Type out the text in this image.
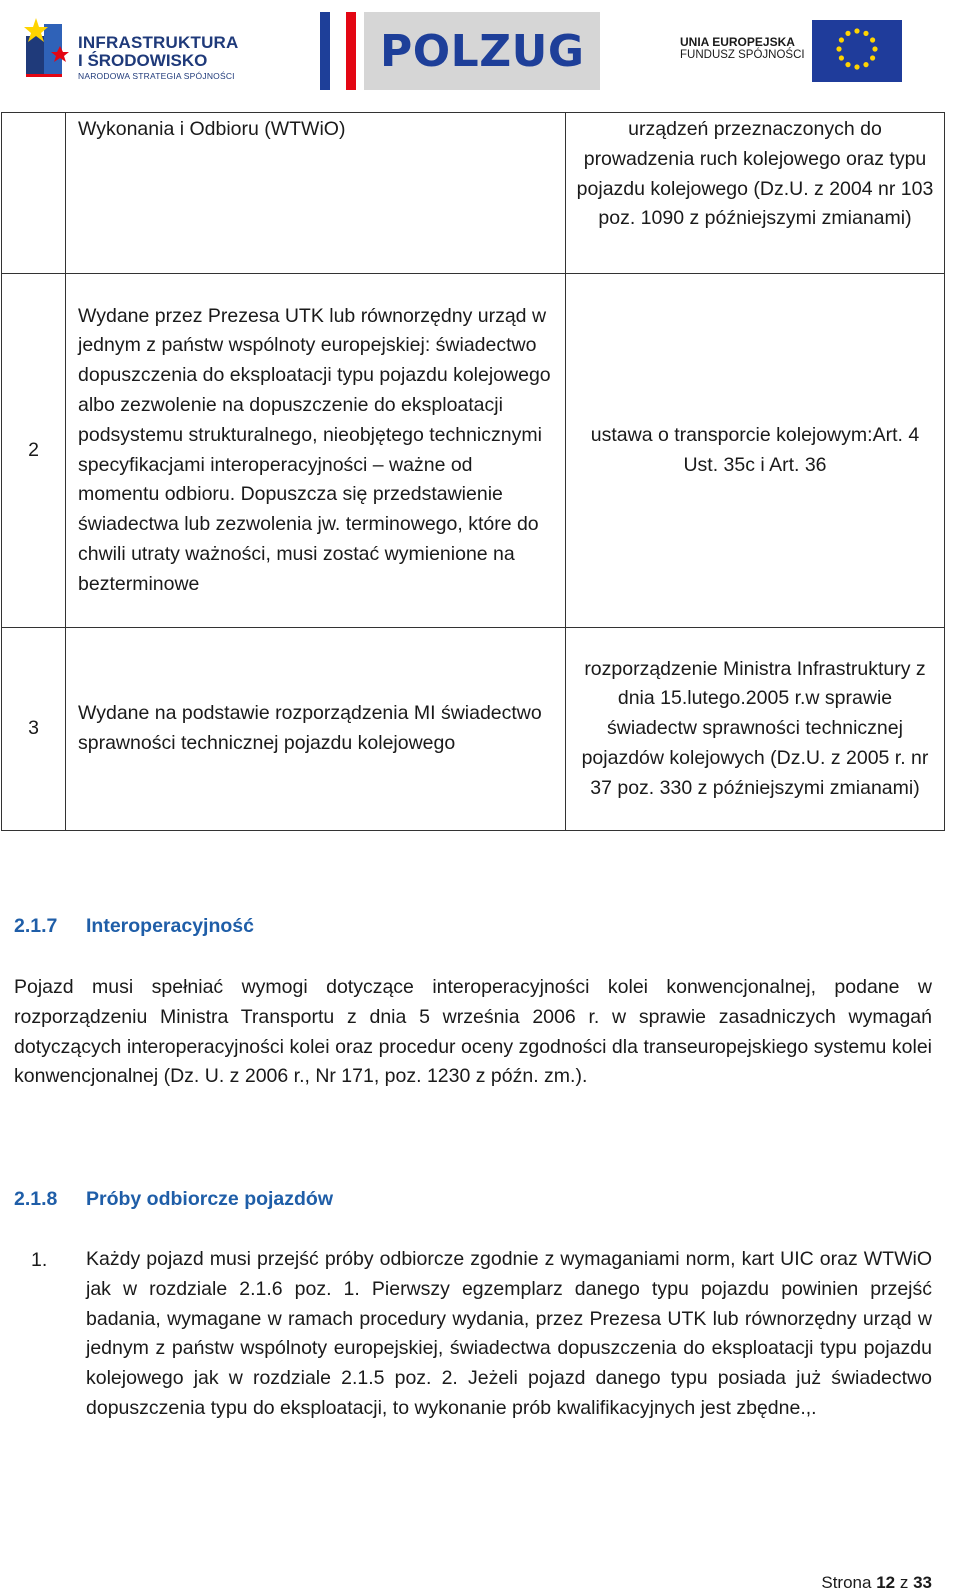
INFRASTRUKTURA
I ŚRODOWISKO
NARODOWA STRATEGIA SPÓJNOŚCI	POLZUG	UNIA EUROPEJSKA
FUNDUSZ SPÓJNOŚCI
	Wykonania i Odbioru (WTWiO)	urządzeń przeznaczonych do prowadzenia ruch kolejowego oraz typu pojazdu kolejowego (Dz.U. z 2004 nr 103 poz. 1090 z późniejszymi zmianami)
2	Wydane przez Prezesa UTK lub równorzędny urząd w jednym z państw wspólnoty europejskiej: świadectwo dopuszczenia do eksploatacji typu pojazdu kolejowego albo zezwolenie na dopuszczenie do eksploatacji podsystemu strukturalnego, nieobjętego technicznymi specyfikacjami interoperacyjności – ważne od momentu odbioru. Dopuszcza się przedstawienie świadectwa lub zezwolenia jw. terminowego, które do chwili utraty ważności, musi zostać wymienione na bezterminowe	ustawa o transporcie kolejowym:Art. 4 Ust. 35c i Art. 36
3	Wydane na podstawie rozporządzenia MI świadectwo sprawności technicznej pojazdu kolejowego	rozporządzenie Ministra Infrastruktury z dnia 15.lutego.2005 r.w sprawie świadectw sprawności technicznej pojazdów kolejowych (Dz.U. z 2005 r. nr 37 poz. 330 z późniejszymi zmianami)
2.1.7 Interoperacyjność
Pojazd musi spełniać wymogi dotyczące interoperacyjności kolei konwencjonalnej, podane w rozporządzeniu Ministra Transportu z dnia 5 września 2006 r. w sprawie zasadniczych wymagań dotyczących interoperacyjności kolei oraz procedur oceny zgodności dla transeuropejskiego systemu kolei konwencjonalnej (Dz. U. z 2006 r., Nr 171, poz. 1230 z późn. zm.).
2.1.8 Próby odbiorcze pojazdów
1. Każdy pojazd musi przejść próby odbiorcze zgodnie z wymaganiami norm, kart UIC oraz WTWiO jak w rozdziale 2.1.6 poz. 1. Pierwszy egzemplarz danego typu pojazdu powinien przejść badania, wymagane w ramach procedury wydania, przez Prezesa UTK lub równorzędny urząd w jednym z państw wspólnoty europejskiej, świadectwa dopuszczenia do eksploatacji typu pojazdu kolejowego jak w rozdziale 2.1.5 poz. 2. Jeżeli pojazd danego typu posiada już świadectwo dopuszczenia typu do eksploatacji, to wykonanie prób kwalifikacyjnych jest zbędne.,.
Strona 12 z 33
